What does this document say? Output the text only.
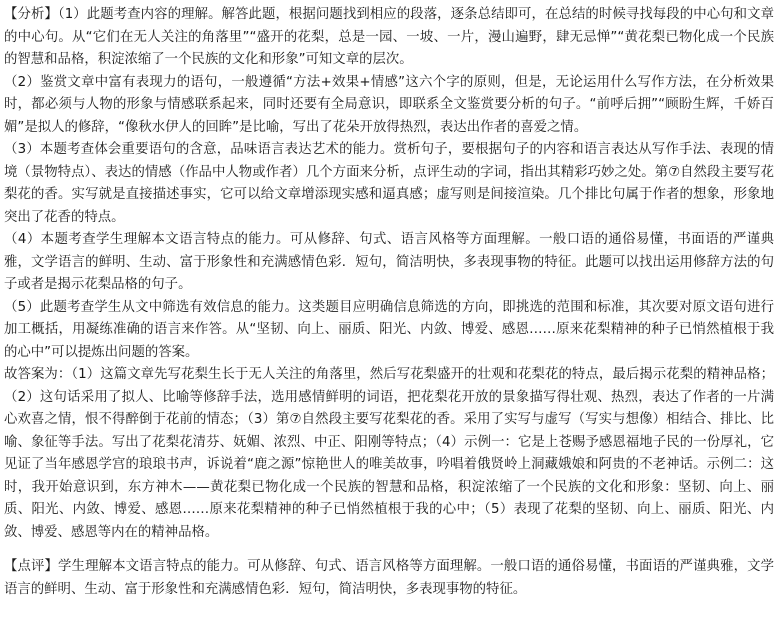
【分析】（1）此题考查内容的理解。解答此题，根据问题找到相应的段落，逐条总结即可，在总结的时候寻找每段的中心句和文章的中心句。从“它们在无人关注的角落里”“盛开的花梨，总是一园、一坡、一片，漫山遍野，肆无忌惮”“黄花梨已物化成一个民族的智慧和品格，积淀浓缩了一个民族的文化和形象”可知文章的层次。

（2）鉴赏文章中富有表现力的语句，一般遵循“方法+效果+情感”这六个字的原则，但是，无论运用什么写作方法，在分析效果时，都必须与人物的形象与情感联系起来，同时还要有全局意识，即联系全文鉴赏要分析的句子。“前呼后拥”“顾盼生辉，千娇百媚”是拟人的修辞，“像秋水伊人的回眸”是比喻，写出了花朵开放得热烈，表达出作者的喜爱之情。

（3）本题考查体会重要语句的含意，品味语言表达艺术的能力。赏析句子，要根据句子的内容和语言表达从写作手法、表现的情境（景物特点）、表达的情感（作品中人物或作者）几个方面来分析，点评生动的字词，指出其精彩巧妙之处。第⑦自然段主要写花梨花的香。实写就是直接描述事实，它可以给文章增添现实感和逼真感；虚写则是间接渲染。几个排比句属于作者的想象，形象地突出了花香的特点。

（4）本题考查学生理解本文语言特点的能力。可从修辞、句式、语言风格等方面理解。一般口语的通俗易懂，书面语的严谨典雅，文学语言的鲜明、生动、富于形象性和充满感情色彩．短句，简洁明快，多表现事物的特征。此题可以找出运用修辞方法的句子或者是揭示花梨品格的句子。

（5）此题考查学生从文中筛选有效信息的能力。这类题目应明确信息筛选的方向，即挑选的范围和标准，其次要对原文语句进行加工概括，用凝练准确的语言来作答。从“坚韧、向上、丽质、阳光、内敛、博爱、感恩……原来花梨精神的种子已悄然植根于我的心中”可以提炼出问题的答案。

故答案为：（1）这篇文章先写花梨生长于无人关注的角落里，然后写花梨盛开的壮观和花梨花的特点，最后揭示花梨的精神品格；（2）这句话采用了拟人、比喻等修辞手法，选用感情鲜明的词语，把花梨花开放的景象描写得壮观、热烈，表达了作者的一片满心欢喜之情，恨不得醉倒于花前的情态；（3）第⑦自然段主要写花梨花的香。采用了实写与虚写（写实与想像）相结合、排比、比喻、象征等手法。写出了花梨花清芬、妩媚、浓烈、中正、阳刚等特点；（4）示例一：它是上苍赐予感恩福地子民的一份厚礼，它见证了当年感恩学宫的琅琅书声，诉说着“鹿之源”惊艳世人的唯美故事，吟唱着俄贤岭上洞藏娥娘和阿贵的不老神话。示例二：这时，我开始意识到，东方神木——黄花梨已物化成一个民族的智慧和品格，积淀浓缩了一个民族的文化和形象：坚韧、向上、丽质、阳光、内敛、博爱、感恩……原来花梨精神的种子已悄然植根于我的心中；（5）表现了花梨的坚韧、向上、丽质、阳光、内敛、博爱、感恩等内在的精神品格。

【点评】学生理解本文语言特点的能力。可从修辞、句式、语言风格等方面理解。一般口语的通俗易懂，书面语的严谨典雅，文学语言的鲜明、生动、富于形象性和充满感情色彩．短句，简洁明快，多表现事物的特征。
